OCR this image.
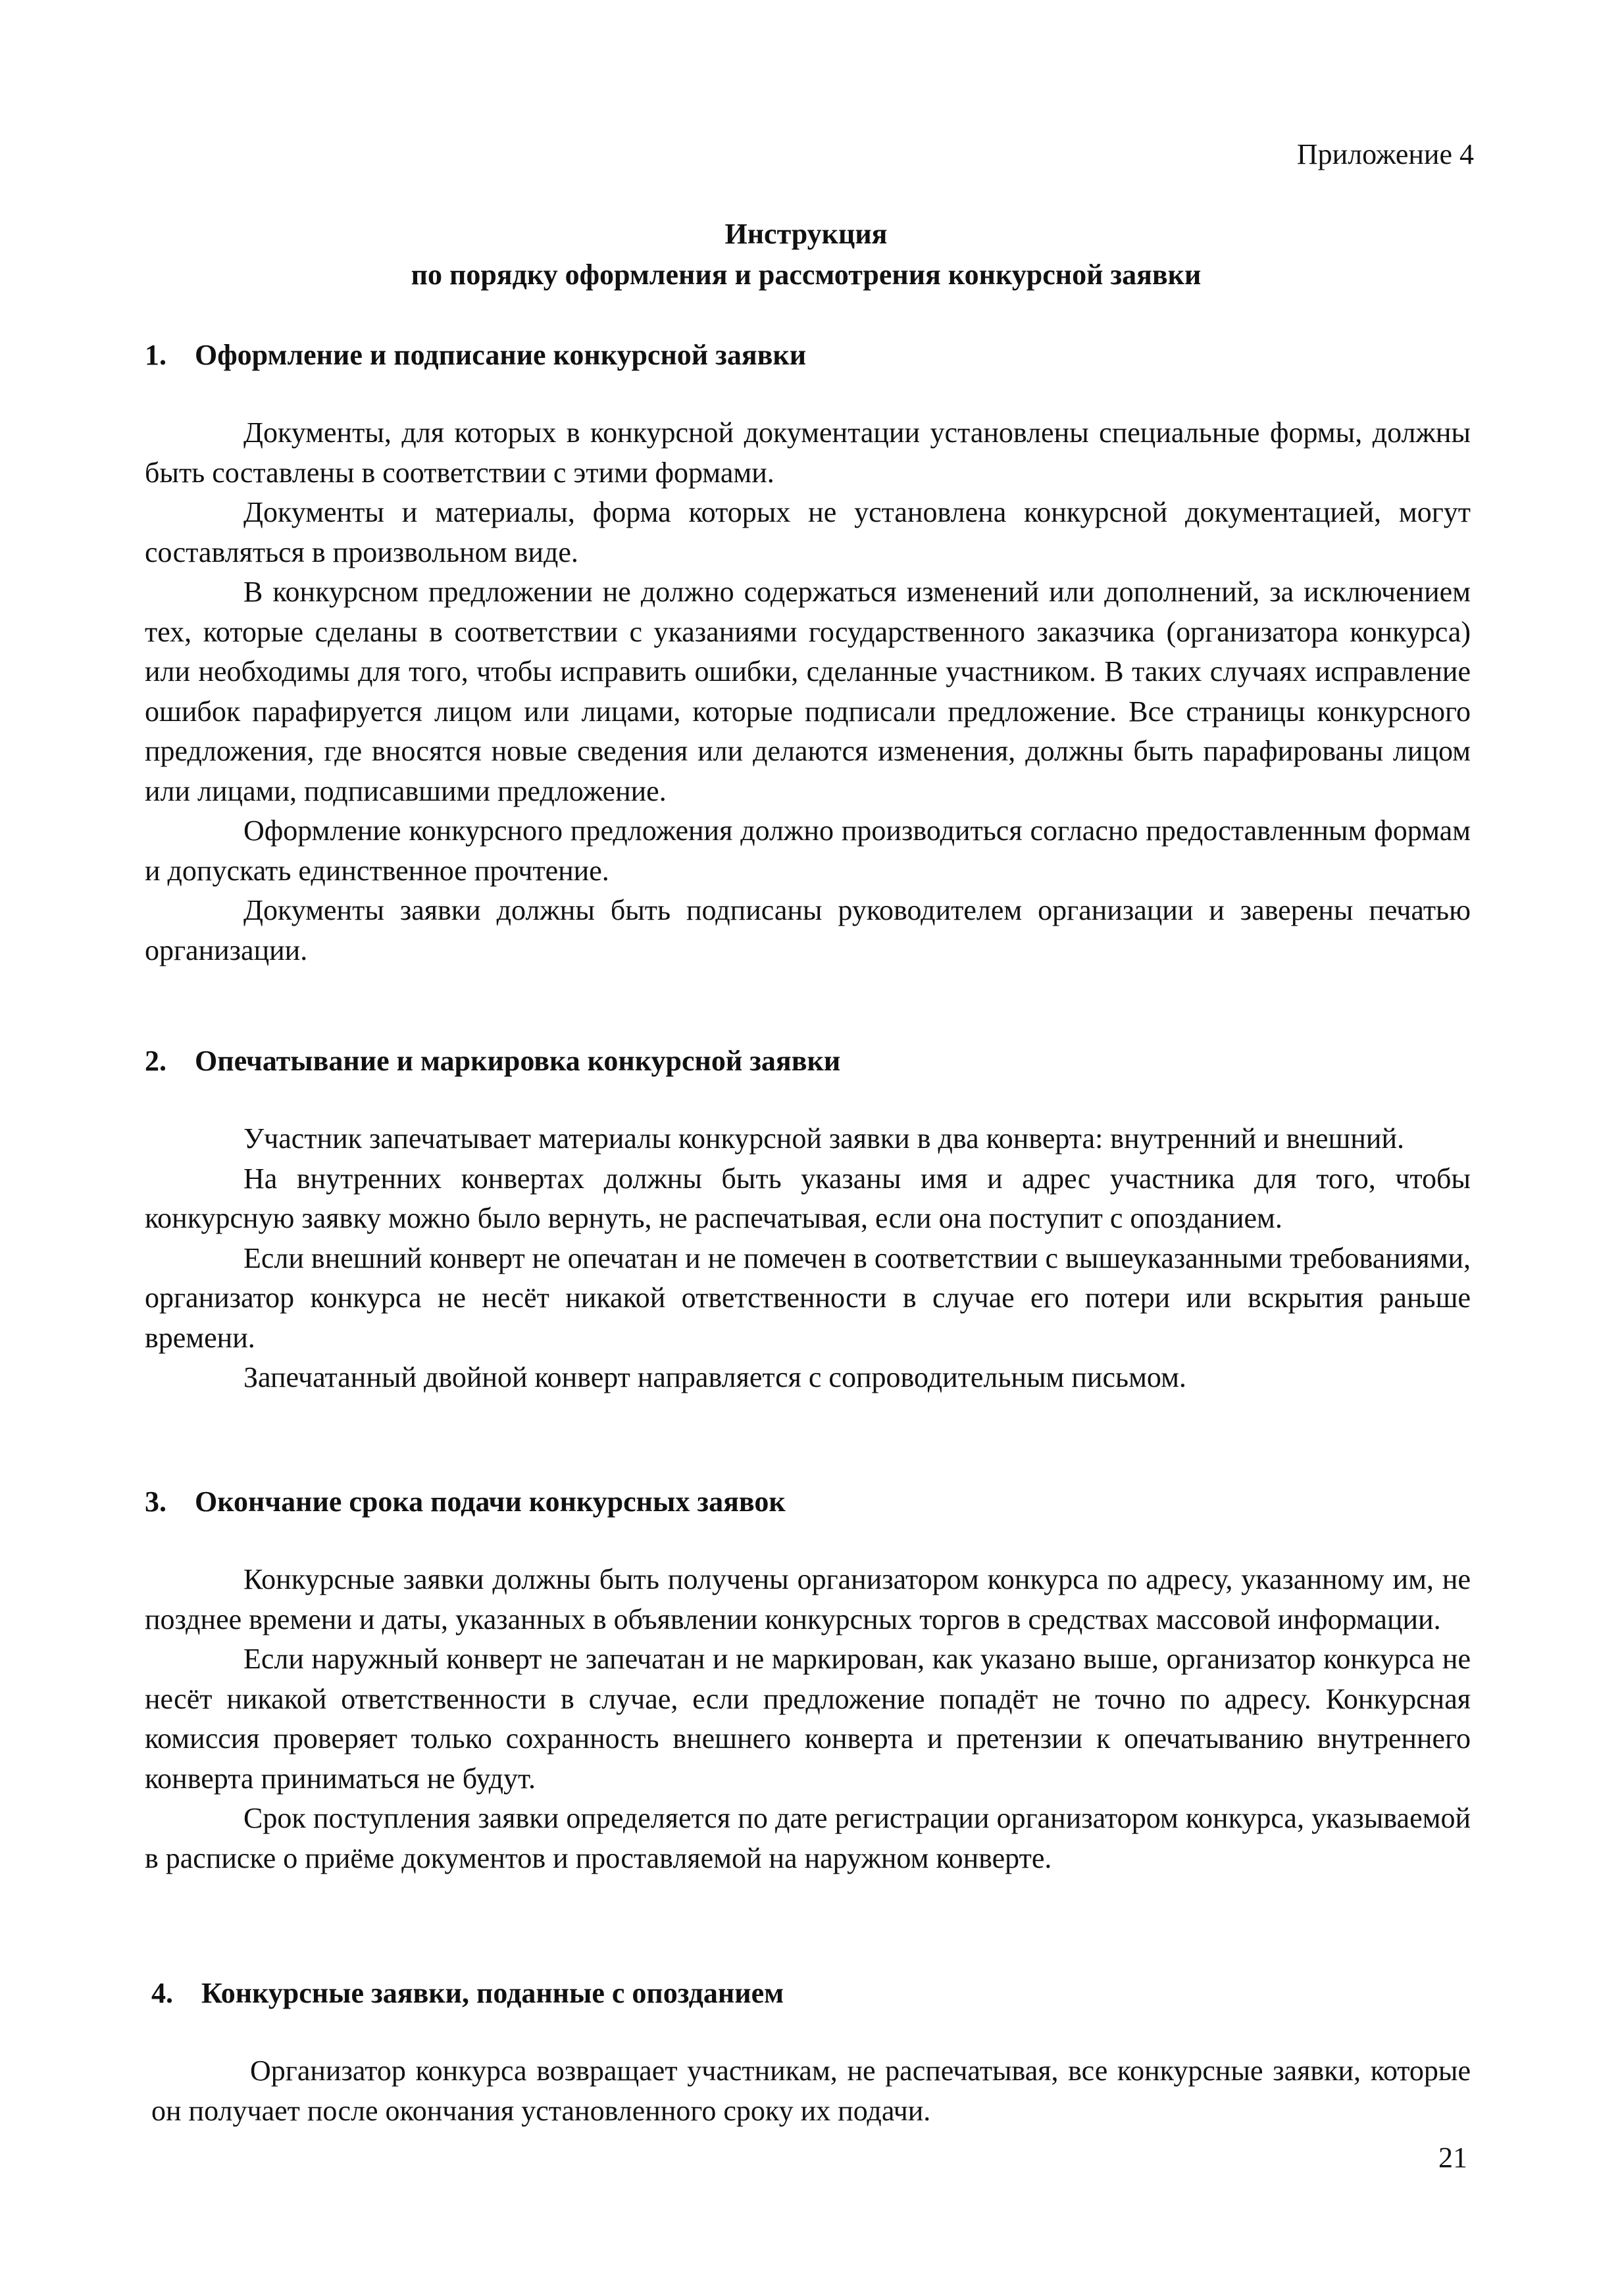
Приложение 4
Инструкция
по порядку оформления и рассмотрения конкурсной заявки
1. Оформление и подписание конкурсной заявки

Документы, для которых в конкурсной документации установлены специальные формы, должны быть составлены в соответствии с этими формами.

Документы и материалы, форма которых не установлена конкурсной документацией, могут составляться в произвольном виде.

В конкурсном предложении не должно содержаться изменений или дополнений, за исключением тех, которые сделаны в соответствии с указаниями государственного заказчика (организатора конкурса) или необходимы для того, чтобы исправить ошибки, сделанные участником. В таких случаях исправление ошибок парафируется лицом или лицами, которые подписали предложение. Все страницы конкурсного предложения, где вносятся новые сведения или делаются изменения, должны быть парафированы лицом или лицами, подписавшими предложение.

Оформление конкурсного предложения должно производиться согласно предоставленным формам и допускать единственное прочтение.

Документы заявки должны быть подписаны руководителем организации и заверены печатью организации.

2. Опечатывание и маркировка конкурсной заявки

Участник запечатывает материалы конкурсной заявки в два конверта: внутренний и внешний.

На внутренних конвертах должны быть указаны имя и адрес участника для того, чтобы конкурсную заявку можно было вернуть, не распечатывая, если она поступит с опозданием.

Если внешний конверт не опечатан и не помечен в соответствии с вышеуказанными требованиями, организатор конкурса не несёт никакой ответственности в случае его потери или вскрытия раньше времени.

Запечатанный двойной конверт направляется с сопроводительным письмом.

3. Окончание срока подачи конкурсных заявок

Конкурсные заявки должны быть получены организатором конкурса по адресу, указанному им, не позднее времени и даты, указанных в объявлении конкурсных торгов в средствах массовой информации.

Если наружный конверт не запечатан и не маркирован, как указано выше, организатор конкурса не несёт никакой ответственности в случае, если предложение попадёт не точно по адресу. Конкурсная комиссия проверяет только сохранность внешнего конверта и претензии к опечатыванию внутреннего конверта приниматься не будут.

Срок поступления заявки определяется по дате регистрации организатором конкурса, указываемой в расписке о приёме документов и проставляемой на наружном конверте.

4. Конкурсные заявки, поданные с опозданием

Организатор конкурса возвращает участникам, не распечатывая, все конкурсные заявки, которые он получает после окончания установленного сроку их подачи.

21
